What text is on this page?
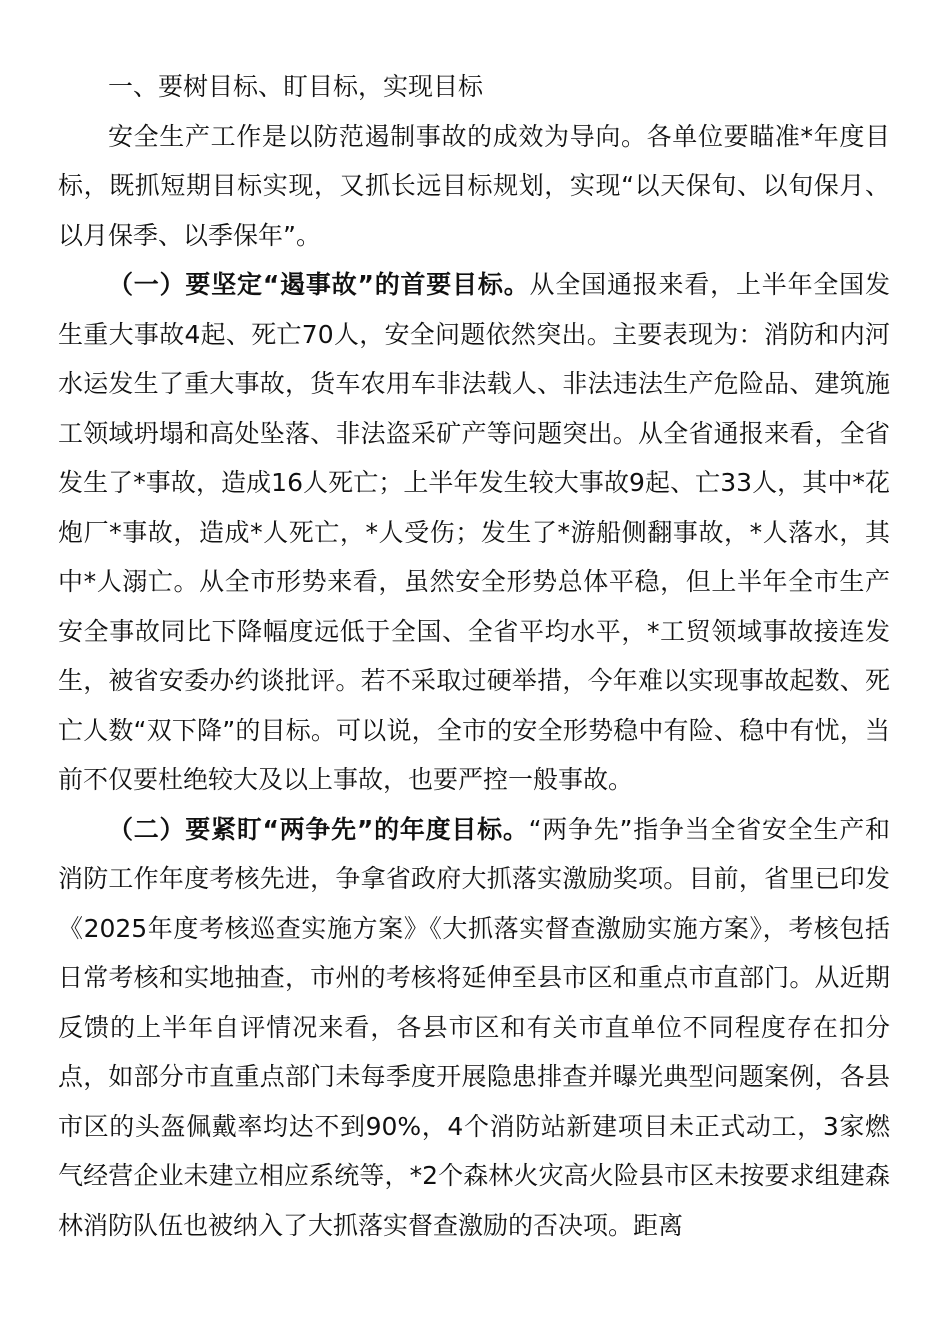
一、要树目标、盯目标，实现目标

安全生产工作是以防范遏制事故的成效为导向。各单位要瞄准*年度目标，既抓短期目标实现，又抓长远目标规划，实现“以天保旬、以旬保月、以月保季、以季保年”。

（一）要坚定“遏事故”的首要目标。从全国通报来看，上半年全国发生重大事故4起、死亡70人，安全问题依然突出。主要表现为：消防和内河水运发生了重大事故，货车农用车非法载人、非法违法生产危险品、建筑施工领域坍塌和高处坠落、非法盗采矿产等问题突出。从全省通报来看，全省发生了*事故，造成16人死亡；上半年发生较大事故9起、亡33人，其中*花炮厂*事故，造成*人死亡，*人受伤；发生了*游船侧翻事故，*人落水，其中*人溺亡。从全市形势来看，虽然安全形势总体平稳，但上半年全市生产安全事故同比下降幅度远低于全国、全省平均水平，*工贸领域事故接连发生，被省安委办约谈批评。若不采取过硬举措，今年难以实现事故起数、死亡人数“双下降”的目标。可以说，全市的安全形势稳中有险、稳中有忧，当前不仅要杜绝较大及以上事故，也要严控一般事故。

（二）要紧盯“两争先”的年度目标。“两争先”指争当全省安全生产和消防工作年度考核先进，争拿省政府大抓落实激励奖项。目前，省里已印发《2025年度考核巡查实施方案》《大抓落实督查激励实施方案》，考核包括日常考核和实地抽查，市州的考核将延伸至县市区和重点市直部门。从近期反馈的上半年自评情况来看，各县市区和有关市直单位不同程度存在扣分点，如部分市直重点部门未每季度开展隐患排查并曝光典型问题案例，各县市区的头盔佩戴率均达不到90%，4个消防站新建项目未正式动工，3家燃气经营企业未建立相应系统等，*2个森林火灾高火险县市区未按要求组建森林消防队伍也被纳入了大抓落实督查激励的否决项。距离
